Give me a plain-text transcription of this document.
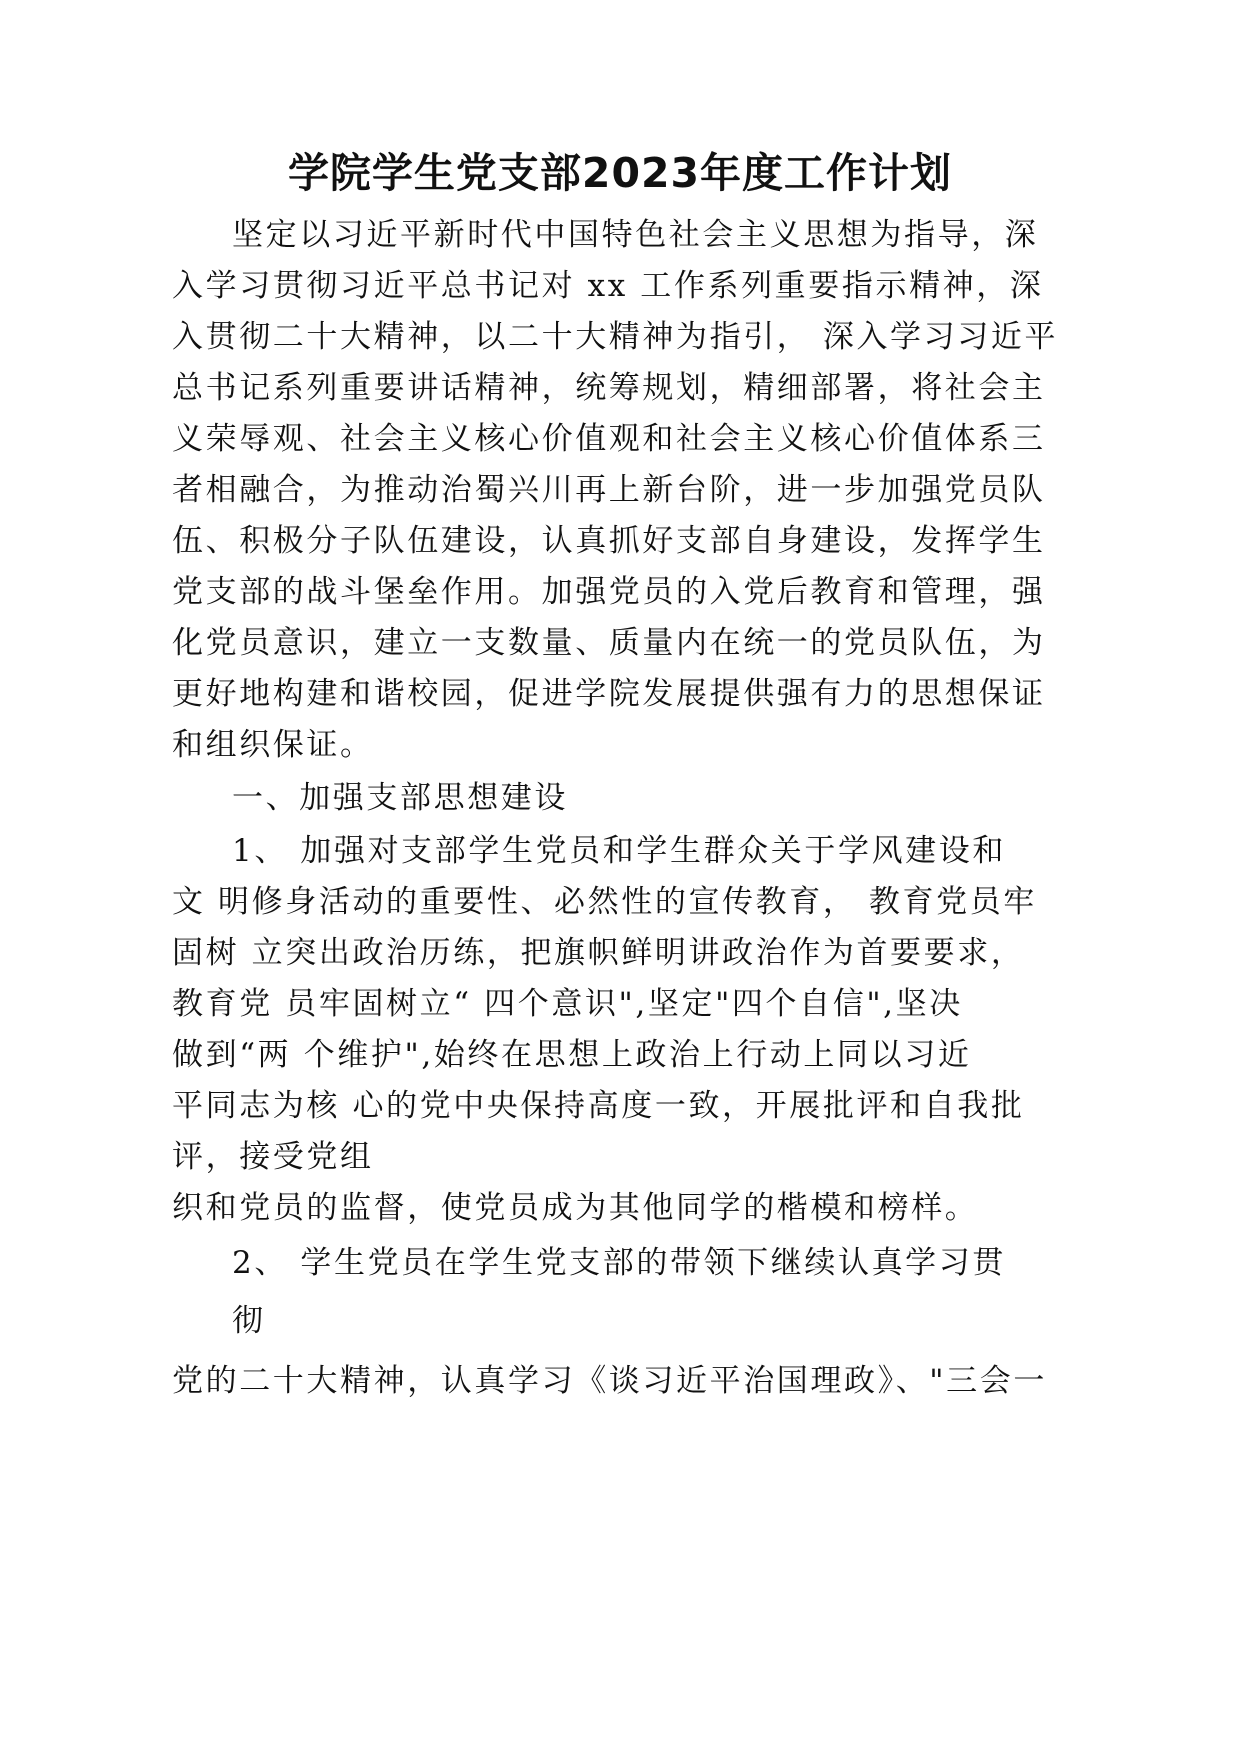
学院学生党支部2023年度工作计划
坚定以习近平新时代中国特色社会主义思想为指导，深
入学习贯彻习近平总书记对 xx 工作系列重要指示精神，深
入贯彻二十大精神，以二十大精神为指引， 深入学习习近平
总书记系列重要讲话精神，统筹规划，精细部署，将社会主
义荣辱观、社会主义核心价值观和社会主义核心价值体系三
者相融合，为推动治蜀兴川再上新台阶，进一步加强党员队
伍、积极分子队伍建设，认真抓好支部自身建设，发挥学生
党支部的战斗堡垒作用。加强党员的入党后教育和管理，强
化党员意识，建立一支数量、质量内在统一的党员队伍，为
更好地构建和谐校园，促进学院发展提供强有力的思想保证
和组织保证。
一、加强支部思想建设
1、 加强对支部学生党员和学生群众关于学风建设和
文 明修身活动的重要性、必然性的宣传教育， 教育党员牢
固树 立突出政治历练，把旗帜鲜明讲政治作为首要要求，
教育党 员牢固树立“ 四个意识",坚定"四个自信",坚决
做到“两 个维护",始终在思想上政治上行动上同以习近
平同志为核 心的党中央保持高度一致，开展批评和自我批
评，接受党组
织和党员的监督，使党员成为其他同学的楷模和榜样。
2、 学生党员在学生党支部的带领下继续认真学习贯
彻
党的二十大精神，认真学习《谈习近平治国理政》、"三会一
